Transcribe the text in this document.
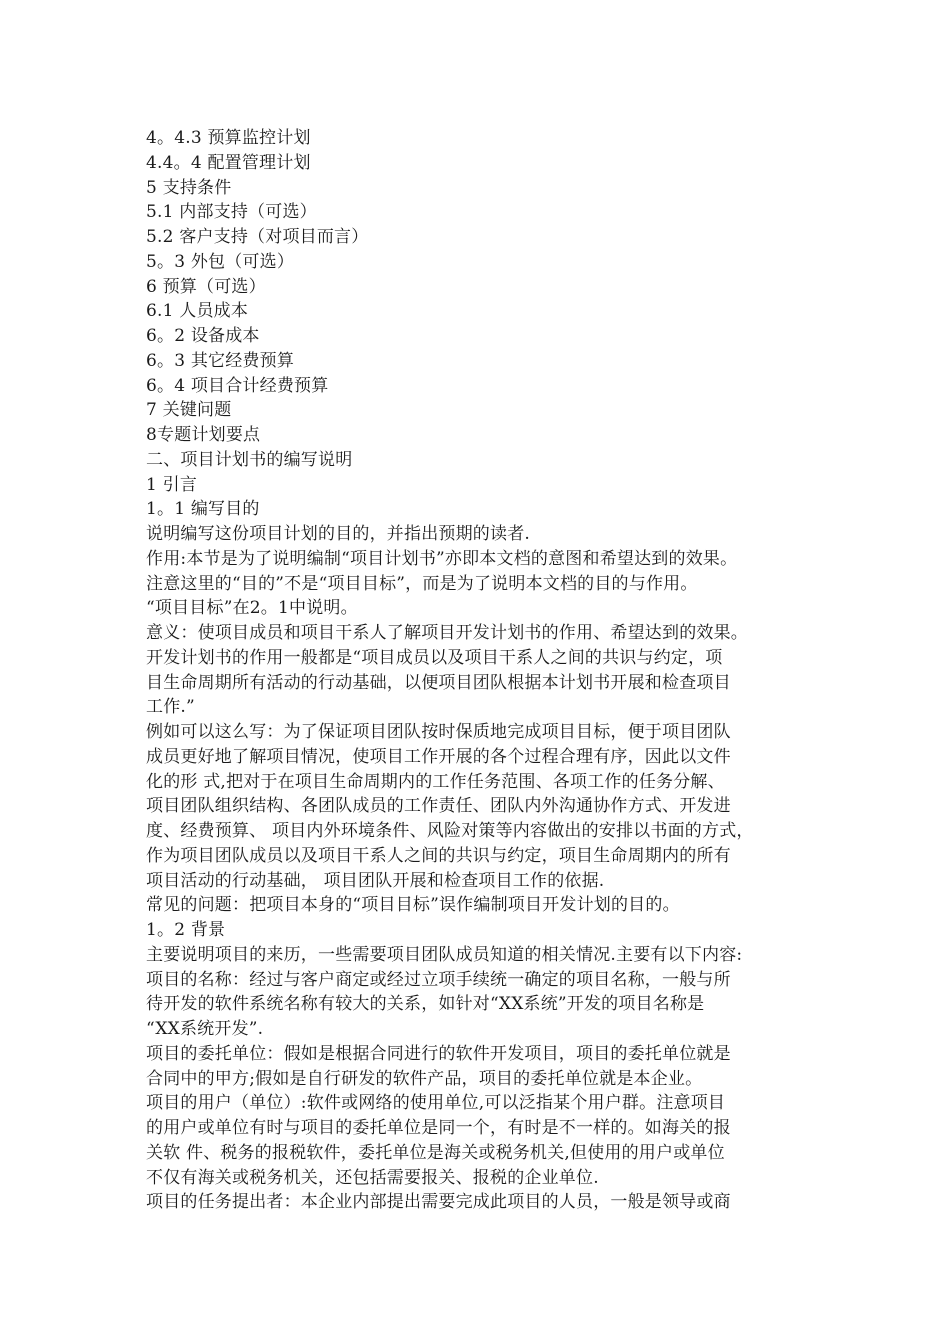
4。4.3 预算监控计划
4.4。4 配置管理计划
5 支持条件
5.1 内部支持（可选）
5.2 客户支持（对项目而言）
5。3 外包（可选）
6 预算（可选）
6.1 人员成本
6。2 设备成本
6。3 其它经费预算
6。4 项目合计经费预算
7 关键问题
8专题计划要点
二、项目计划书的编写说明
1 引言
1。1 编写目的
说明编写这份项目计划的目的，并指出预期的读者.
作用:本节是为了说明编制“项目计划书”亦即本文档的意图和希望达到的效果。
注意这里的“目的”不是“项目目标”，而是为了说明本文档的目的与作用。
“项目目标”在2。1中说明。
意义：使项目成员和项目干系人了解项目开发计划书的作用、希望达到的效果。
开发计划书的作用一般都是“项目成员以及项目干系人之间的共识与约定，项
目生命周期所有活动的行动基础，以便项目团队根据本计划书开展和检查项目
工作.”
例如可以这么写：为了保证项目团队按时保质地完成项目目标，便于项目团队
成员更好地了解项目情况，使项目工作开展的各个过程合理有序，因此以文件
化的形 式,把对于在项目生命周期内的工作任务范围、各项工作的任务分解、
项目团队组织结构、各团队成员的工作责任、团队内外沟通协作方式、开发进
度、经费预算、 项目内外环境条件、风险对策等内容做出的安排以书面的方式，
作为项目团队成员以及项目干系人之间的共识与约定，项目生命周期内的所有
项目活动的行动基础， 项目团队开展和检查项目工作的依据.
常见的问题：把项目本身的“项目目标”误作编制项目开发计划的目的。
1。2 背景
主要说明项目的来历，一些需要项目团队成员知道的相关情况.主要有以下内容:
项目的名称：经过与客户商定或经过立项手续统一确定的项目名称，一般与所
待开发的软件系统名称有较大的关系，如针对“XX系统”开发的项目名称是
“XX系统开发”.
项目的委托单位：假如是根据合同进行的软件开发项目，项目的委托单位就是
合同中的甲方;假如是自行研发的软件产品，项目的委托单位就是本企业。
项目的用户（单位）:软件或网络的使用单位,可以泛指某个用户群。注意项目
的用户或单位有时与项目的委托单位是同一个，有时是不一样的。如海关的报
关软 件、税务的报税软件，委托单位是海关或税务机关,但使用的用户或单位
不仅有海关或税务机关，还包括需要报关、报税的企业单位.
项目的任务提出者：本企业内部提出需要完成此项目的人员，一般是领导或商
